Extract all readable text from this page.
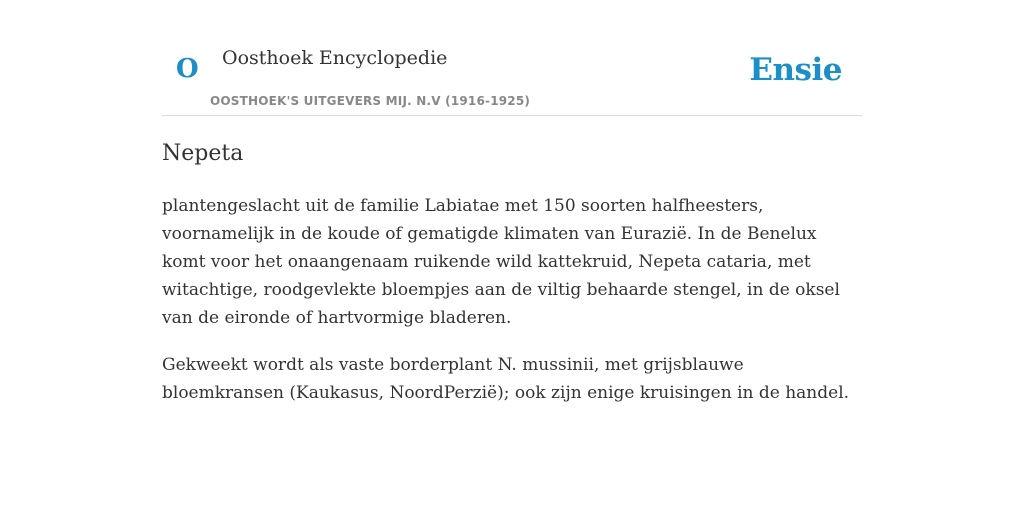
O Oosthoek Encyclopedie
OOSTHOEK'S UITGEVERS MIJ. N.V (1916-1925)
Ensie
Nepeta

plantengeslacht uit de familie Labiatae met 150 soorten halfheesters, voornamelijk in de koude of gematigde klimaten van Eurazië. In de Benelux komt voor het onaangenaam ruikende wild kattekruid, Nepeta cataria, met witachtige, roodgevlekte bloempjes aan de viltig behaarde stengel, in de oksel van de eironde of hartvormige bladeren.

Gekweekt wordt als vaste borderplant N. mussinii, met grijsblauwe bloemkransen (Kaukasus, NoordPerzië); ook zijn enige kruisingen in de handel.
